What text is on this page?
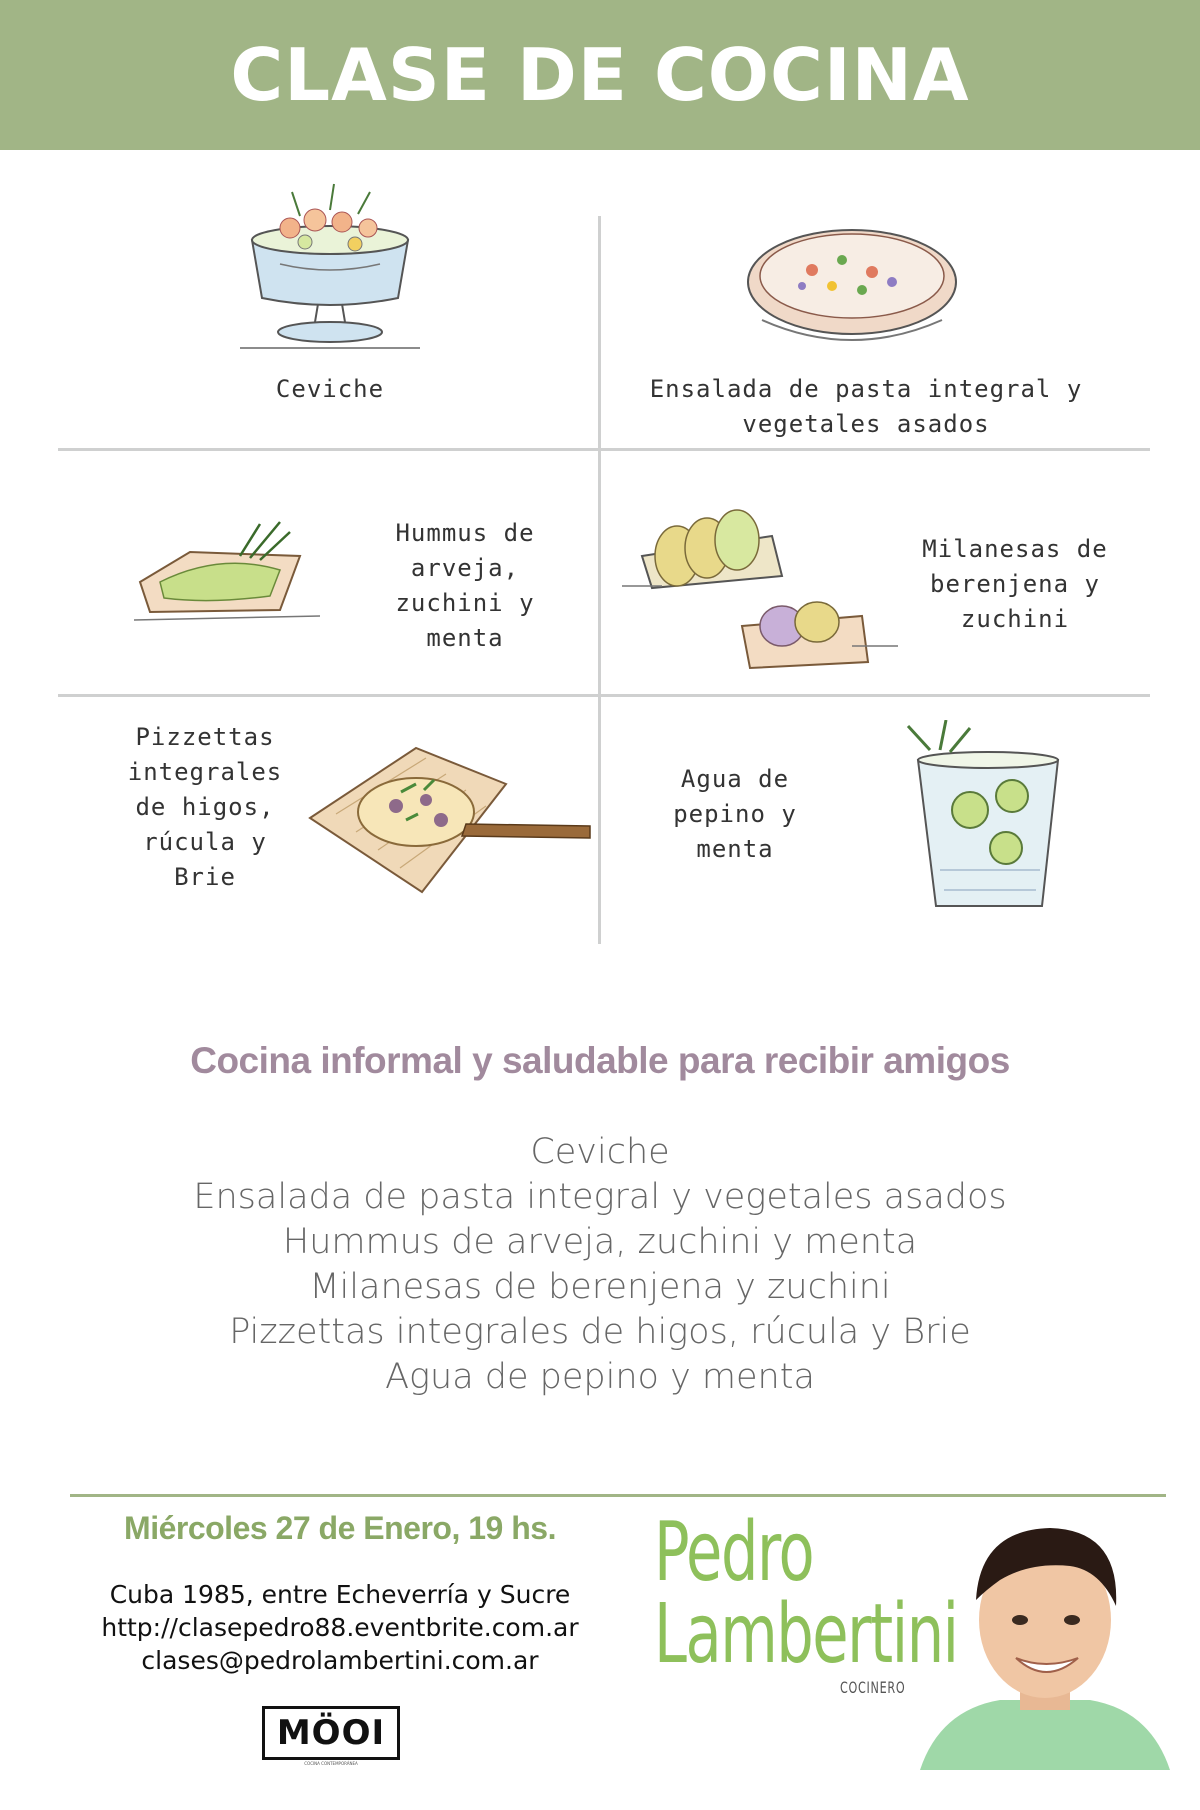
CLASE DE COCINA
Ceviche	Ensalada de pasta integral y vegetales asados
Hummus de
arveja,
zuchini y
menta
Milanesas de
berenjena y
zuchini
Pizzettas
integrales
de higos,
rúcula y
Brie
Agua de
pepino y
menta
Cocina informal y saludable para recibir amigos
Ceviche
Ensalada de pasta integral y vegetales asados
Hummus de arveja, zuchini y menta
Milanesas de berenjena y zuchini
Pizzettas integrales de higos, rúcula y Brie
Agua de pepino y menta
Miércoles 27 de Enero, 19 hs.
Cuba 1985, entre Echeverría y Sucre
http://clasepedro88.eventbrite.com.ar
clases@pedrolambertini.com.ar
MÖOI
COCINA CONTEMPORÁNEA
Pedro
Lambertini
COCINERO
